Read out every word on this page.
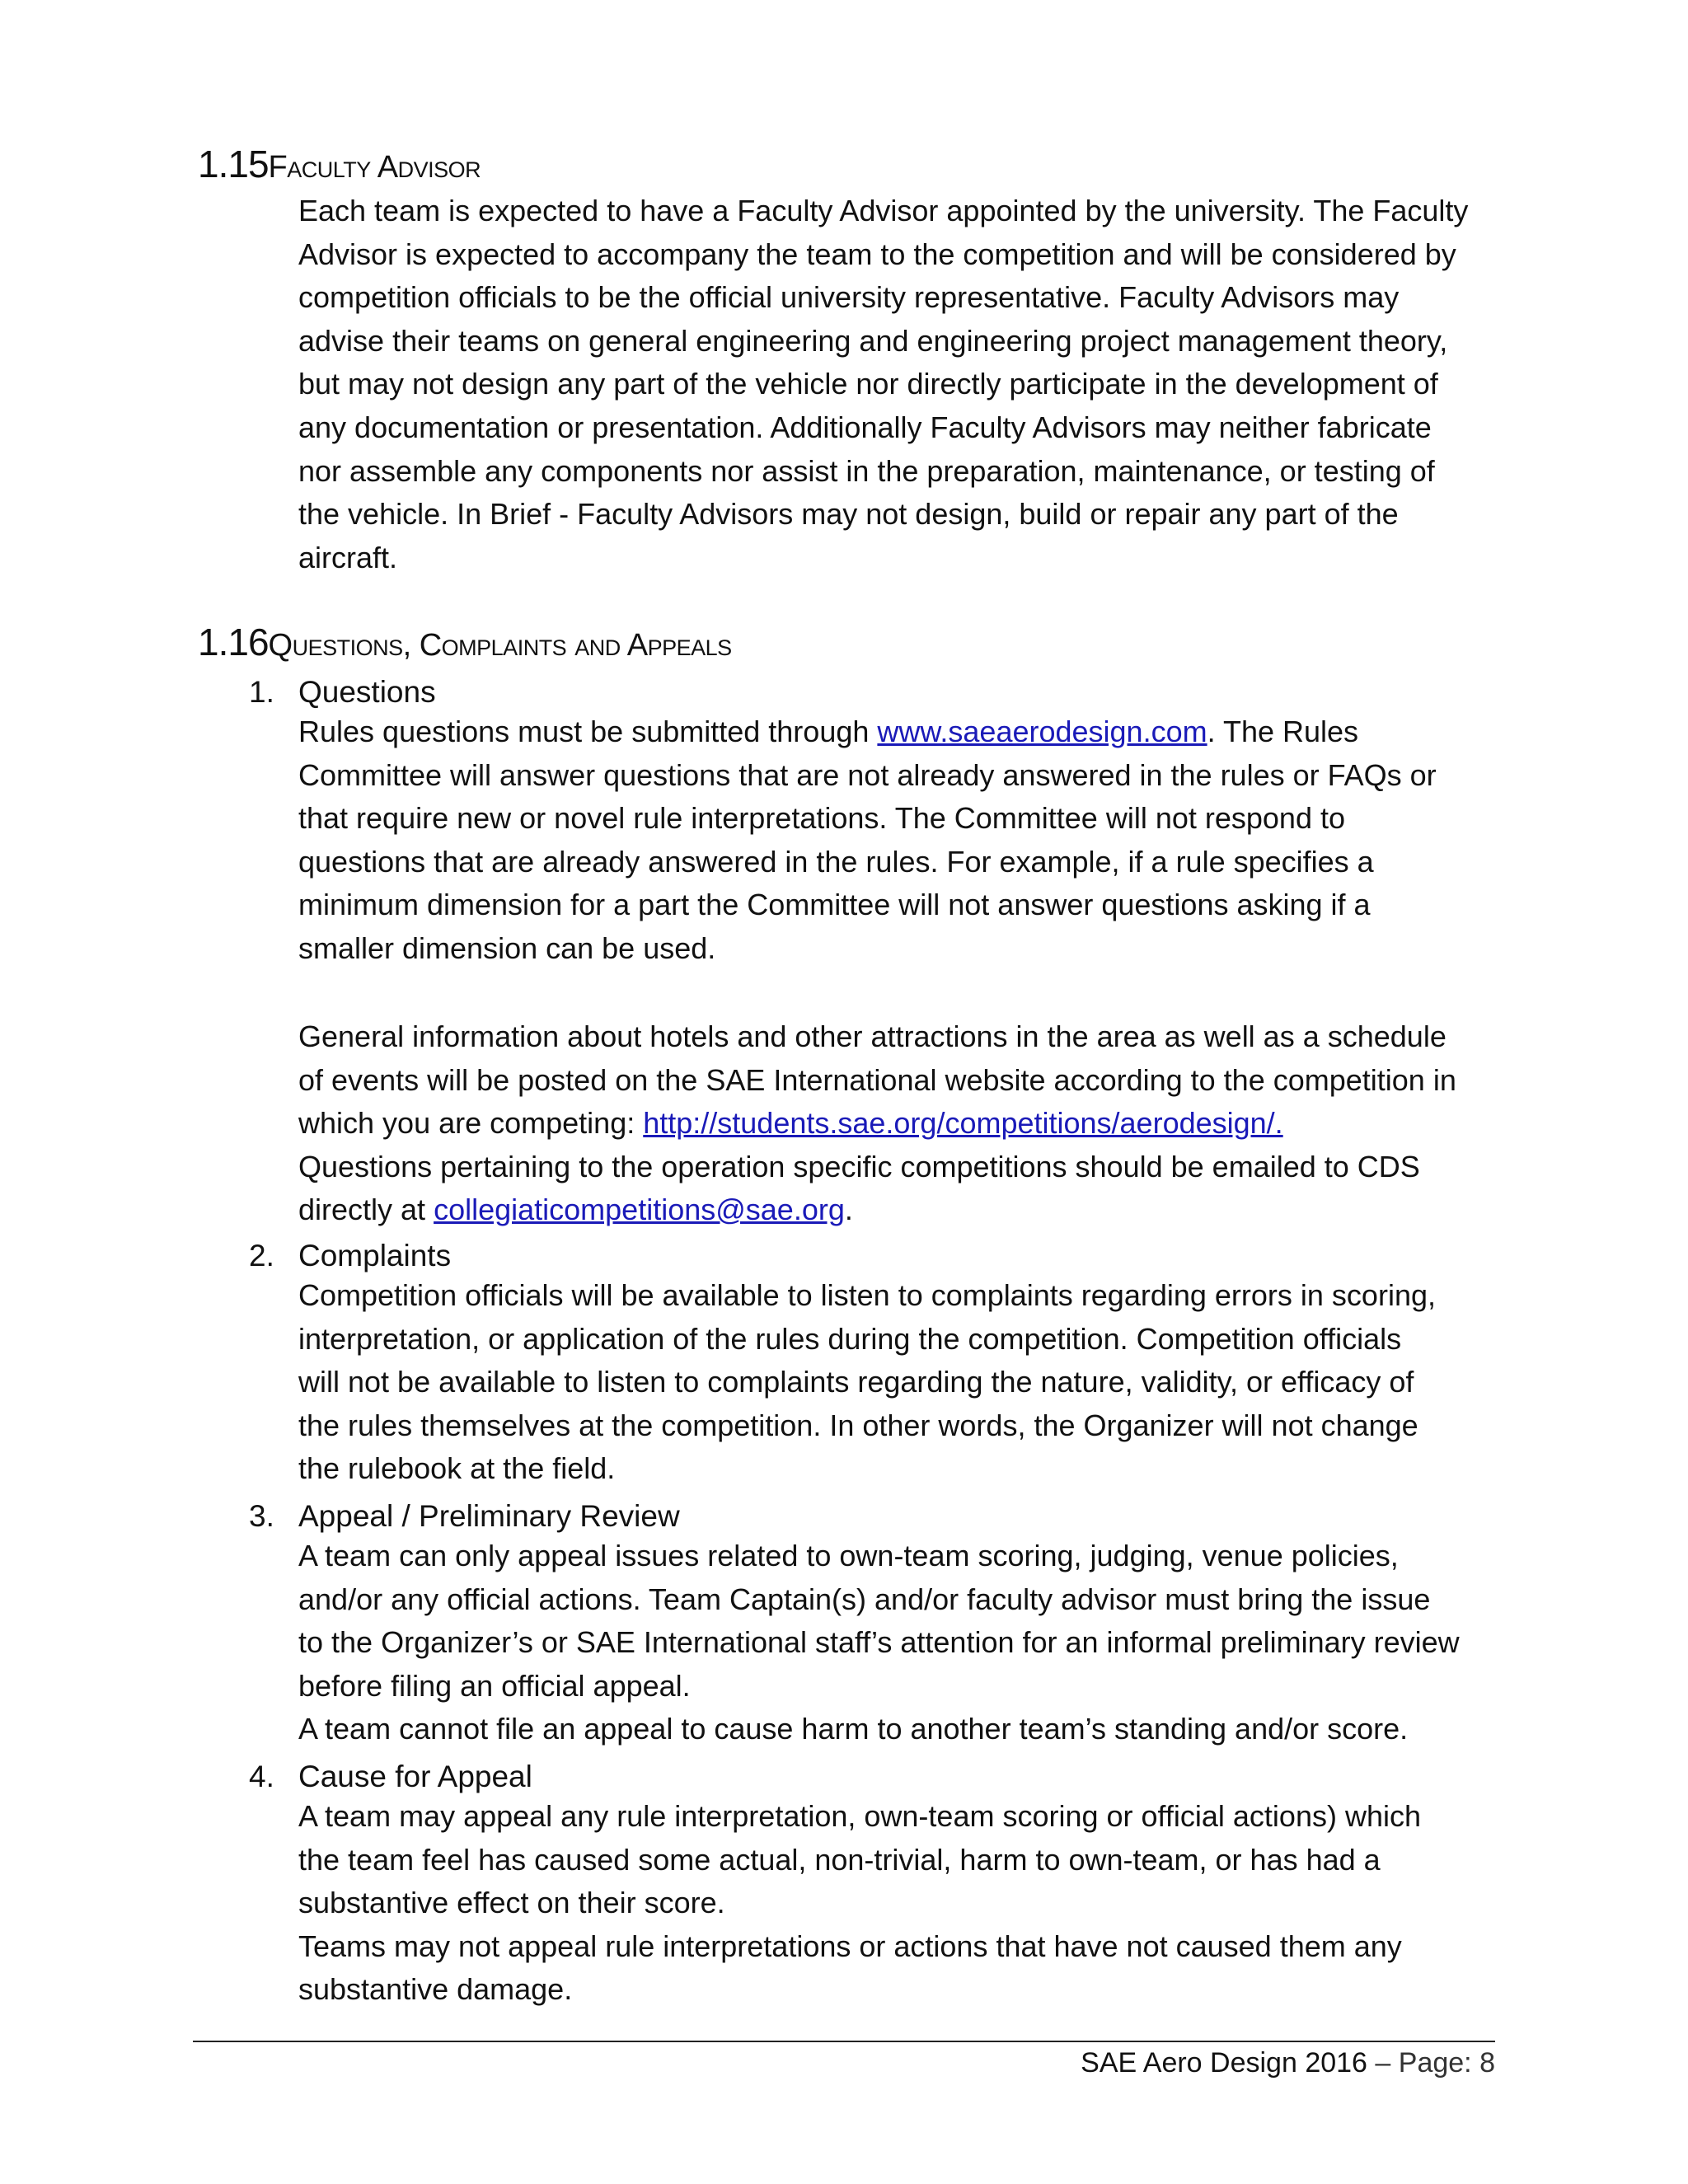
1.15 Faculty Advisor
Each team is expected to have a Faculty Advisor appointed by the university. The Faculty
Advisor is expected to accompany the team to the competition and will be considered by
competition officials to be the official university representative. Faculty Advisors may
advise their teams on general engineering and engineering project management theory,
but may not design any part of the vehicle nor directly participate in the development of
any documentation or presentation. Additionally Faculty Advisors may neither fabricate
nor assemble any components nor assist in the preparation, maintenance, or testing of
the vehicle. In Brief - Faculty Advisors may not design, build or repair any part of the
aircraft.
1.16 Questions, Complaints and Appeals
1. Questions
Rules questions must be submitted through www.saeaerodesign.com. The Rules
Committee will answer questions that are not already answered in the rules or FAQs or
that require new or novel rule interpretations. The Committee will not respond to
questions that are already answered in the rules. For example, if a rule specifies a
minimum dimension for a part the Committee will not answer questions asking if a
smaller dimension can be used.
General information about hotels and other attractions in the area as well as a schedule
of events will be posted on the SAE International website according to the competition in
which you are competing: http://students.sae.org/competitions/aerodesign/.
Questions pertaining to the operation specific competitions should be emailed to CDS
directly at collegiaticompetitions@sae.org.
2. Complaints
Competition officials will be available to listen to complaints regarding errors in scoring,
interpretation, or application of the rules during the competition. Competition officials
will not be available to listen to complaints regarding the nature, validity, or efficacy of
the rules themselves at the competition. In other words, the Organizer will not change
the rulebook at the field.
3. Appeal / Preliminary Review
A team can only appeal issues related to own-team scoring, judging, venue policies,
and/or any official actions. Team Captain(s) and/or faculty advisor must bring the issue
to the Organizer’s or SAE International staff’s attention for an informal preliminary review
before filing an official appeal.
A team cannot file an appeal to cause harm to another team’s standing and/or score.
4. Cause for Appeal
A team may appeal any rule interpretation, own-team scoring or official actions) which
the team feel has caused some actual, non-trivial, harm to own-team, or has had a
substantive effect on their score.
Teams may not appeal rule interpretations or actions that have not caused them any
substantive damage.
SAE Aero Design 2016 – Page: 8
